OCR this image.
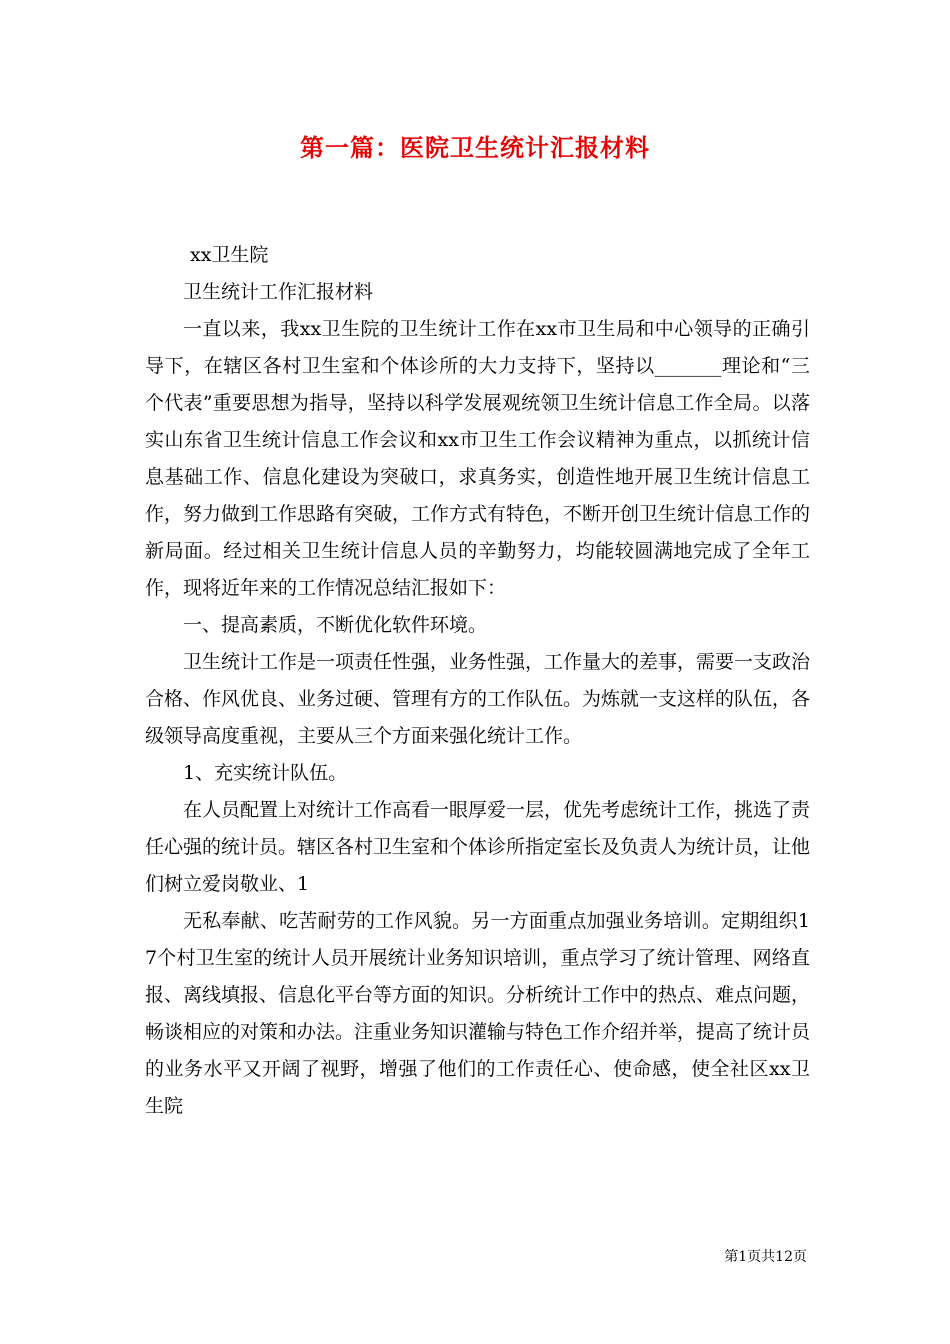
第一篇：医院卫生统计汇报材料

xx卫生院

卫生统计工作汇报材料

一直以来，我xx卫生院的卫生统计工作在xx市卫生局和中心领导的正确引导下，在辖区各村卫生室和个体诊所的大力支持下，坚持以_______理论和“三个代表”重要思想为指导，坚持以科学发展观统领卫生统计信息工作全局。以落实山东省卫生统计信息工作会议和xx市卫生工作会议精神为重点，以抓统计信息基础工作、信息化建设为突破口，求真务实，创造性地开展卫生统计信息工作，努力做到工作思路有突破，工作方式有特色，不断开创卫生统计信息工作的新局面。经过相关卫生统计信息人员的辛勤努力，均能较圆满地完成了全年工作，现将近年来的工作情况总结汇报如下：

一、提高素质，不断优化软件环境。

卫生统计工作是一项责任性强，业务性强，工作量大的差事，需要一支政治合格、作风优良、业务过硬、管理有方的工作队伍。为炼就一支这样的队伍，各级领导高度重视，主要从三个方面来强化统计工作。

1、充实统计队伍。

在人员配置上对统计工作高看一眼厚爱一层，优先考虑统计工作，挑选了责任心强的统计员。辖区各村卫生室和个体诊所指定室长及负责人为统计员，让他们树立爱岗敬业、1

无私奉献、吃苦耐劳的工作风貌。另一方面重点加强业务培训。定期组织17个村卫生室的统计人员开展统计业务知识培训，重点学习了统计管理、网络直报、离线填报、信息化平台等方面的知识。分析统计工作中的热点、难点问题，畅谈相应的对策和办法。注重业务知识灌输与特色工作介绍并举，提高了统计员的业务水平又开阔了视野，增强了他们的工作责任心、使命感，使全社区xx卫生院

第1页共12页
